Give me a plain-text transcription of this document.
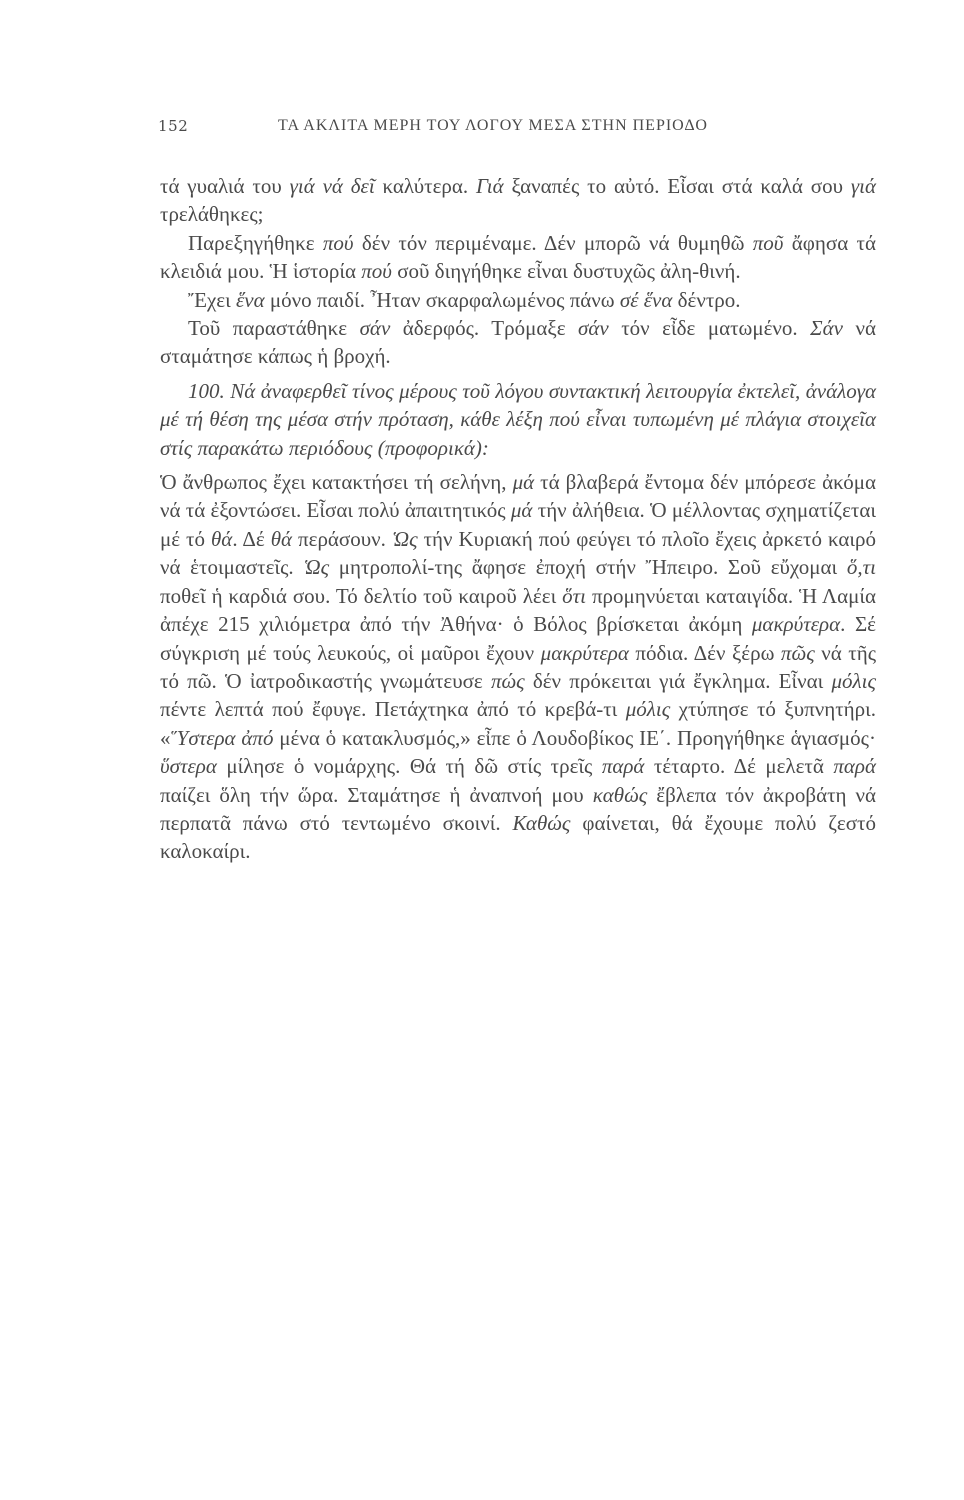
152	ΤΑ ΑΚΛΙΤΑ ΜΕΡΗ ΤΟΥ ΛΟΓΟΥ ΜΕΣΑ ΣΤΗΝ ΠΕΡΙΟΔΟ

τά γυαλιά του γιά νά δεῖ καλύτερα. Γιά ξαναπές το αὐτό. Εἶσαι στά καλά σου γιά τρελάθηκες;

Παρεξηγήθηκε πού δέν τόν περιμέναμε. Δέν μπορῶ νά θυμηθῶ ποῦ ἄφησα τά κλειδιά μου. Ἡ ἱστορία πού σοῦ διηγήθηκε εἶναι δυστυχῶς ἀλη-θινή.

Ἔχει ἕνα μόνο παιδί. Ἦταν σκαρφαλωμένος πάνω σέ ἕνα δέντρο.

Τοῦ παραστάθηκε σάν ἀδερφός. Τρόμαξε σάν τόν εἶδε ματωμένο. Σάν νά σταμάτησε κάπως ἡ βροχή.

100. Νά ἀναφερθεῖ τίνος μέρους τοῦ λόγου συντακτική λειτουργία ἐκτελεῖ, ἀνάλογα μέ τή θέση της μέσα στήν πρόταση, κάθε λέξη πού εἶναι τυπωμένη μέ πλάγια στοιχεῖα στίς παρακάτω περιόδους (προφορικά):

Ὁ ἄνθρωπος ἔχει κατακτήσει τή σελήνη, μά τά βλαβερά ἔντομα δέν μπόρεσε ἀκόμα νά τά ἐξοντώσει. Εἶσαι πολύ ἀπαιτητικός μά τήν ἀλήθεια. Ὁ μέλλοντας σχηματίζεται μέ τό θά. Δέ θά περάσουν. Ὡς τήν Κυριακή πού φεύγει τό πλοῖο ἔχεις ἀρκετό καιρό νά ἑτοιμαστεῖς. Ὡς μητροπολί-της ἄφησε ἐποχή στήν Ἤπειρο. Σοῦ εὔχομαι ὅ,τι ποθεῖ ἡ καρδιά σου. Τό δελτίο τοῦ καιροῦ λέει ὅτι προμηνύεται καταιγίδα. Ἡ Λαμία ἀπέχε 215 χιλιόμετρα ἀπό τήν Ἀθήνα· ὁ Βόλος βρίσκεται ἀκόμη μακρύτερα. Σέ σύγκριση μέ τούς λευκούς, οἱ μαῦροι ἔχουν μακρύτερα πόδια. Δέν ξέρω πῶς νά τῆς τό πῶ. Ὁ ἰατροδικαστής γνωμάτευσε πώς δέν πρόκειται γιά ἔγκλημα. Εἶναι μόλις πέντε λεπτά πού ἔφυγε. Πετάχτηκα ἀπό τό κρεβά-τι μόλις χτύπησε τό ξυπνητήρι. «Ὕστερα ἀπό μένα ὁ κατακλυσμός,» εἶπε ὁ Λουδοβίκος ΙΕ΄. Προηγήθηκε ἁγιασμός· ὕστερα μίλησε ὁ νομάρχης. Θά τή δῶ στίς τρεῖς παρά τέταρτο. Δέ μελετᾶ παρά παίζει ὅλη τήν ὥρα. Σταμάτησε ἡ ἀναπνοή μου καθώς ἔβλεπα τόν ἀκροβάτη νά περπατᾶ πάνω στό τεντωμένο σκοινί. Καθώς φαίνεται, θά ἔχουμε πολύ ζεστό καλοκαίρι.
